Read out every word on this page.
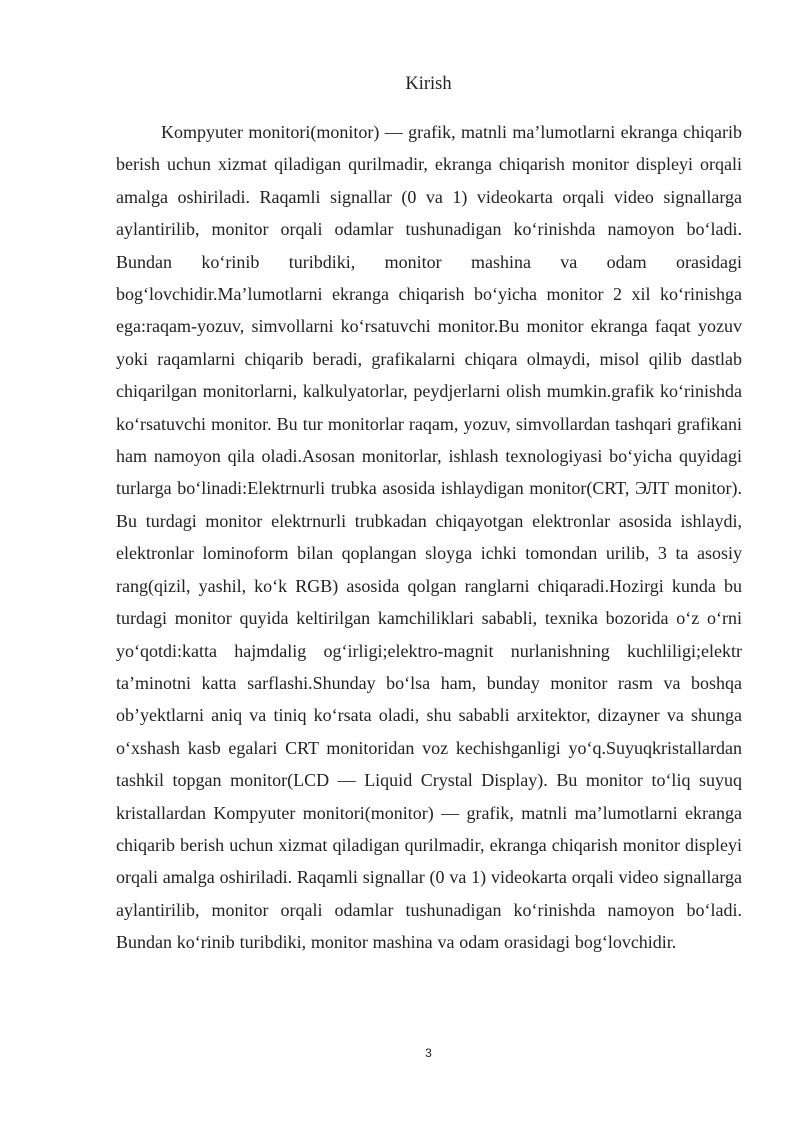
Kirish

Kompyuter monitori(monitor) — grafik, matnli ma’lumotlarni ekranga chiqarib berish uchun xizmat qiladigan qurilmadir, ekranga chiqarish monitor displeyi orqali amalga oshiriladi. Raqamli signallar (0 va 1) videokarta orqali video signallarga aylantirilib, monitor orqali odamlar tushunadigan ko‘rinishda namoyon bo‘ladi. Bundan ko‘rinib turibdiki, monitor mashina va odam orasidagi bog‘lovchidir.Ma’lumotlarni ekranga chiqarish bo‘yicha monitor 2 xil ko‘rinishga ega:raqam-yozuv, simvollarni ko‘rsatuvchi monitor.Bu monitor ekranga faqat yozuv yoki raqamlarni chiqarib beradi, grafikalarni chiqara olmaydi, misol qilib dastlab chiqarilgan monitorlarni, kalkulyatorlar, peydjerlarni olish mumkin.grafik ko‘rinishda ko‘rsatuvchi monitor. Bu tur monitorlar raqam, yozuv, simvollardan tashqari grafikani ham namoyon qila oladi.Asosan monitorlar, ishlash texnologiyasi bo‘yicha quyidagi turlarga bo‘linadi:Elektrnurli trubka asosida ishlaydigan monitor(CRT, ЭЛТ monitor). Bu turdagi monitor elektrnurli trubkadan chiqayotgan elektronlar asosida ishlaydi, elektronlar lominoform bilan qoplangan sloyga ichki tomondan urilib, 3 ta asosiy rang(qizil, yashil, ko‘k RGB) asosida qolgan ranglarni chiqaradi.Hozirgi kunda bu turdagi monitor quyida keltirilgan kamchiliklari sababli, texnika bozorida o‘z o‘rni yo‘qotdi:katta hajmdalig og‘irligi;elektro-magnit nurlanishning kuchliligi;elektr ta’minotni katta sarflashi.Shunday bo‘lsa ham, bunday monitor rasm va boshqa ob’yektlarni aniq va tiniq ko‘rsata oladi, shu sababli arxitektor, dizayner va shunga o‘xshash kasb egalari CRT monitoridan voz kechishganligi yo‘q.Suyuqkristallardan tashkil topgan monitor(LCD — Liquid Crystal Display). Bu monitor to‘liq suyuq kristallardan Kompyuter monitori(monitor) — grafik, matnli ma’lumotlarni ekranga chiqarib berish uchun xizmat qiladigan qurilmadir, ekranga chiqarish monitor displeyi orqali amalga oshiriladi. Raqamli signallar (0 va 1) videokarta orqali video signallarga aylantirilib, monitor orqali odamlar tushunadigan ko‘rinishda namoyon bo‘ladi. Bundan ko‘rinib turibdiki, monitor mashina va odam orasidagi bog‘lovchidir.

3
